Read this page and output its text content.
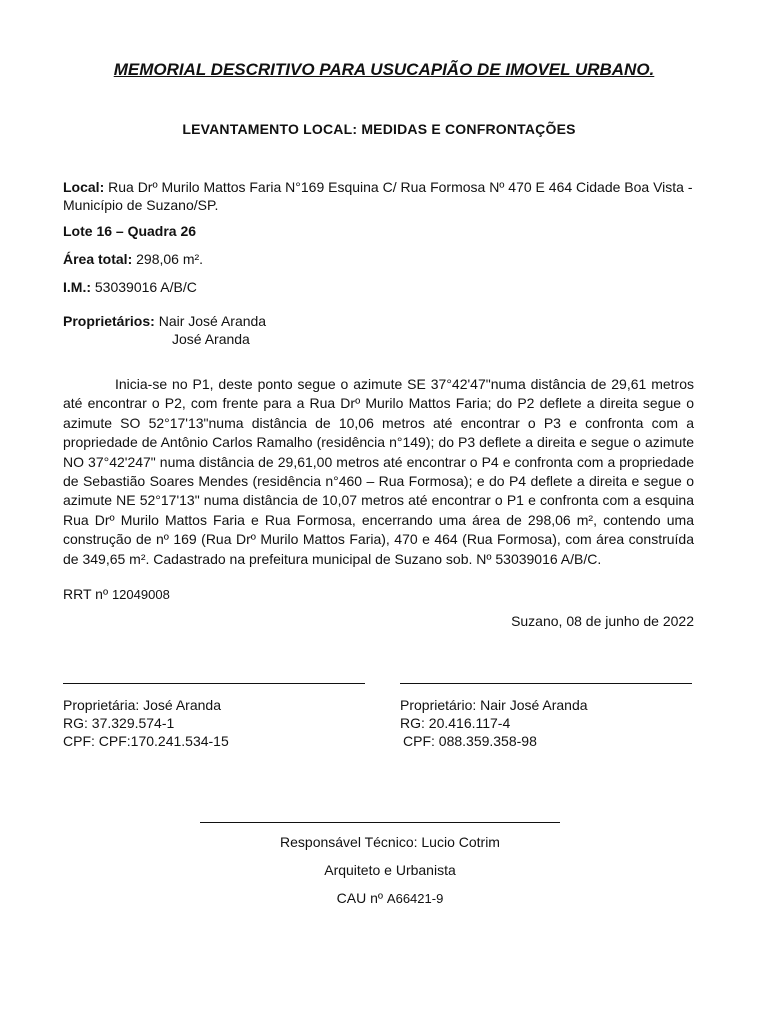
MEMORIAL DESCRITIVO PARA USUCAPIÃO DE IMOVEL URBANO.
LEVANTAMENTO LOCAL: MEDIDAS E CONFRONTAÇÕES
Local: Rua Drº Murilo Mattos Faria N°169 Esquina C/ Rua Formosa Nº 470 E 464 Cidade Boa Vista - Município de Suzano/SP.
Lote 16 – Quadra 26
Área total: 298,06 m².
I.M.: 53039016 A/B/C
Proprietários: Nair José Aranda
José Aranda
Inicia-se no P1, deste ponto segue o azimute SE 37°42'47"numa distância de 29,61 metros até encontrar o P2, com frente para a Rua Drº Murilo Mattos Faria; do P2 deflete a direita segue o azimute SO 52°17'13"numa distância de 10,06 metros até encontrar o P3 e confronta com a propriedade de Antônio Carlos Ramalho (residência n°149); do P3 deflete a direita e segue o azimute NO 37°42'247" numa distância de 29,61,00 metros até encontrar o P4 e confronta com a propriedade de Sebastião Soares Mendes (residência n°460 – Rua Formosa); e do P4 deflete a direita e segue o azimute NE 52°17'13" numa distância de 10,07 metros até encontrar o P1 e confronta com a esquina Rua Drº Murilo Mattos Faria e Rua Formosa, encerrando uma área de 298,06 m², contendo uma construção de nº 169 (Rua Drº Murilo Mattos Faria), 470 e 464 (Rua Formosa), com área construída de 349,65 m². Cadastrado na prefeitura municipal de Suzano sob. Nº 53039016 A/B/C.
RRT nº 12049008
Suzano, 08 de junho de 2022
Proprietária: José Aranda
RG: 37.329.574-1
CPF: CPF:170.241.534-15
Proprietário: Nair José Aranda
RG: 20.416.117-4
CPF: 088.359.358-98
Responsável Técnico: Lucio Cotrim
Arquiteto e Urbanista
CAU nº A66421-9
